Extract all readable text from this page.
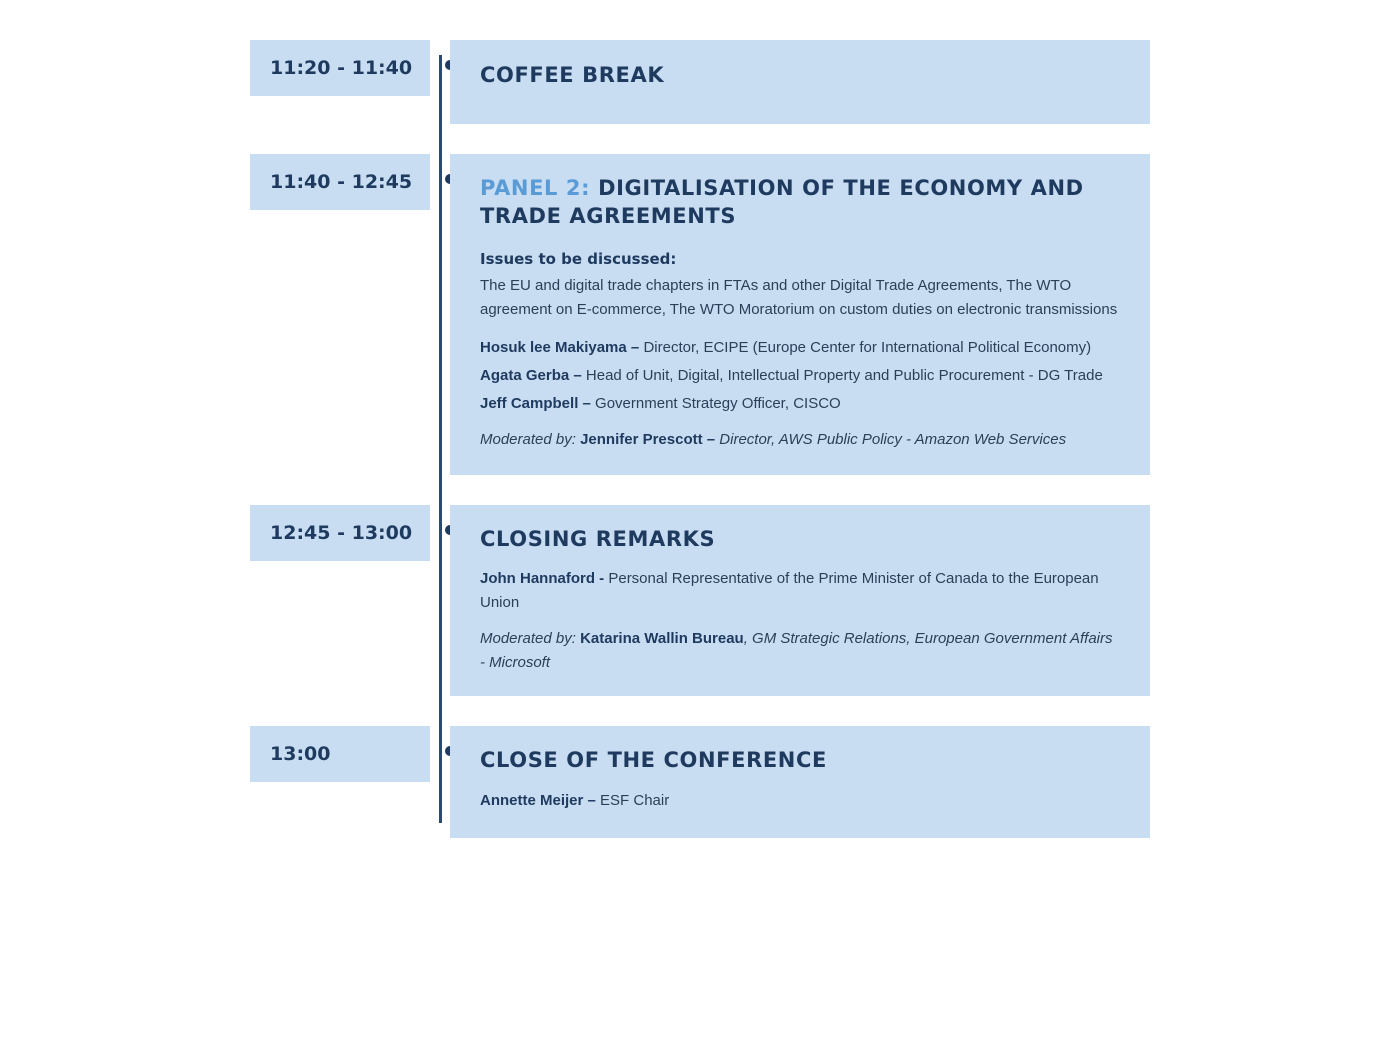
11:20 - 11:40	COFFEE BREAK
11:40 - 12:45	PANEL 2: DIGITALISATION OF THE ECONOMY AND TRADE AGREEMENTS
Issues to be discussed:
The EU and digital trade chapters in FTAs and other Digital Trade Agreements, The WTO agreement on E-commerce, The WTO Moratorium on custom duties on electronic transmissions
Hosuk lee Makiyama – Director, ECIPE (Europe Center for International Political Economy)
Agata Gerba – Head of Unit, Digital, Intellectual Property and Public Procurement - DG Trade
Jeff Campbell – Government Strategy Officer, CISCO
Moderated by: Jennifer Prescott – Director, AWS Public Policy - Amazon Web Services
12:45 - 13:00	CLOSING REMARKS
John Hannaford - Personal Representative of the Prime Minister of Canada to the European Union
Moderated by: Katarina Wallin Bureau, GM Strategic Relations, European Government Affairs - Microsoft
13:00	CLOSE OF THE CONFERENCE
Annette Meijer – ESF Chair
